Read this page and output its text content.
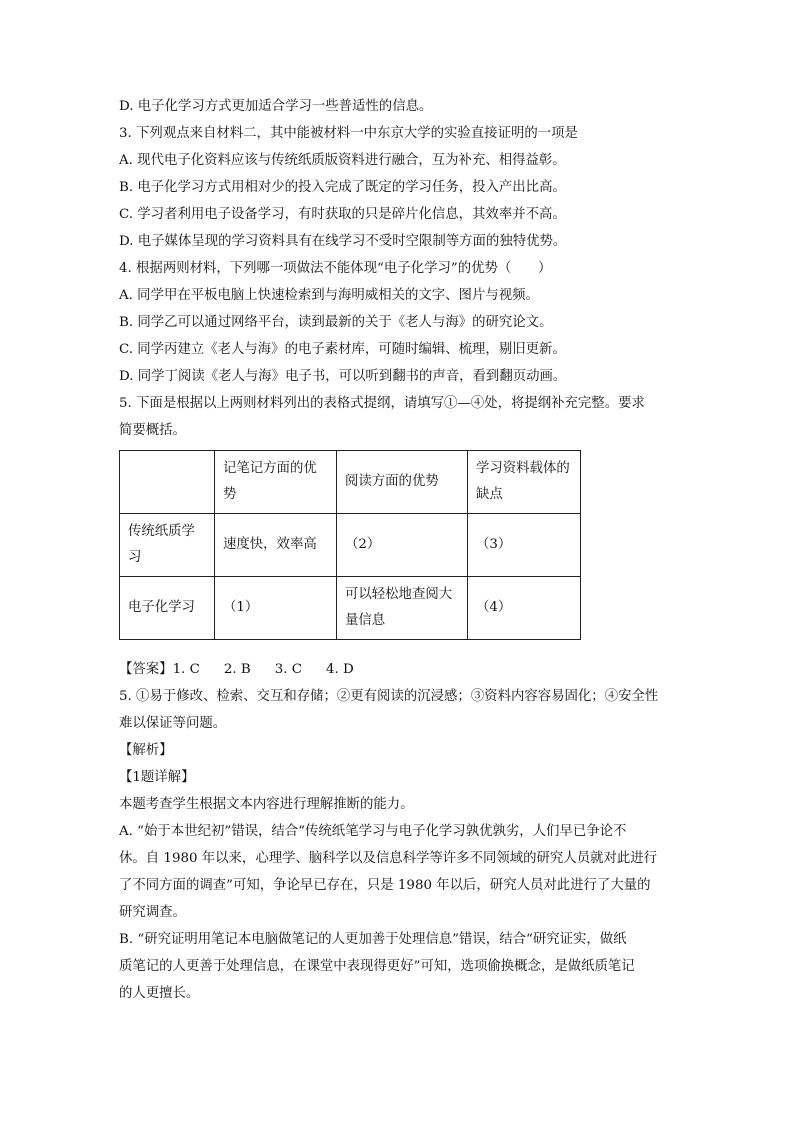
D. 电子化学习方式更加适合学习一些普适性的信息。
3. 下列观点来自材料二，其中能被材料一中东京大学的实验直接证明的一项是
A. 现代电子化资料应该与传统纸质版资料进行融合，互为补充、相得益彰。
B. 电子化学习方式用相对少的投入完成了既定的学习任务，投入产出比高。
C. 学习者利用电子设备学习，有时获取的只是碎片化信息，其效率并不高。
D. 电子媒体呈现的学习资料具有在线学习不受时空限制等方面的独特优势。
4. 根据两则材料，下列哪一项做法不能体现“电子化学习”的优势（　　）
A. 同学甲在平板电脑上快速检索到与海明威相关的文字、图片与视频。
B. 同学乙可以通过网络平台，读到最新的关于《老人与海》的研究论文。
C. 同学丙建立《老人与海》的电子素材库，可随时编辑、梳理，剔旧更新。
D. 同学丁阅读《老人与海》电子书，可以听到翻书的声音，看到翻页动画。
5. 下面是根据以上两则材料列出的表格式提纲，请填写①—④处，将提纲补充完整。要求
简要概括。
	记笔记方面的优势	阅读方面的优势	学习资料载体的缺点
传统纸质学习	速度快，效率高	（2）	（3）
电子化学习	（1）	可以轻松地查阅大量信息	（4）
【答案】1. C 2. B 3. C 4. D
5. ①易于修改、检索、交互和存储；②更有阅读的沉浸感；③资料内容容易固化；④安全性
难以保证等问题。
【解析】
【1题详解】
本题考查学生根据文本内容进行理解推断的能力。
A. “始于本世纪初”错误，结合“传统纸笔学习与电子化学习孰优孰劣，人们早已争论不
休。自 1980 年以来，心理学、脑科学以及信息科学等许多不同领域的研究人员就对此进行
了不同方面的调查”可知，争论早已存在，只是 1980 年以后，研究人员对此进行了大量的
研究调查。
B. “研究证明用笔记本电脑做笔记的人更加善于处理信息”错误，结合“研究证实，做纸
质笔记的人更善于处理信息，在课堂中表现得更好”可知，选项偷换概念，是做纸质笔记
的人更擅长。
